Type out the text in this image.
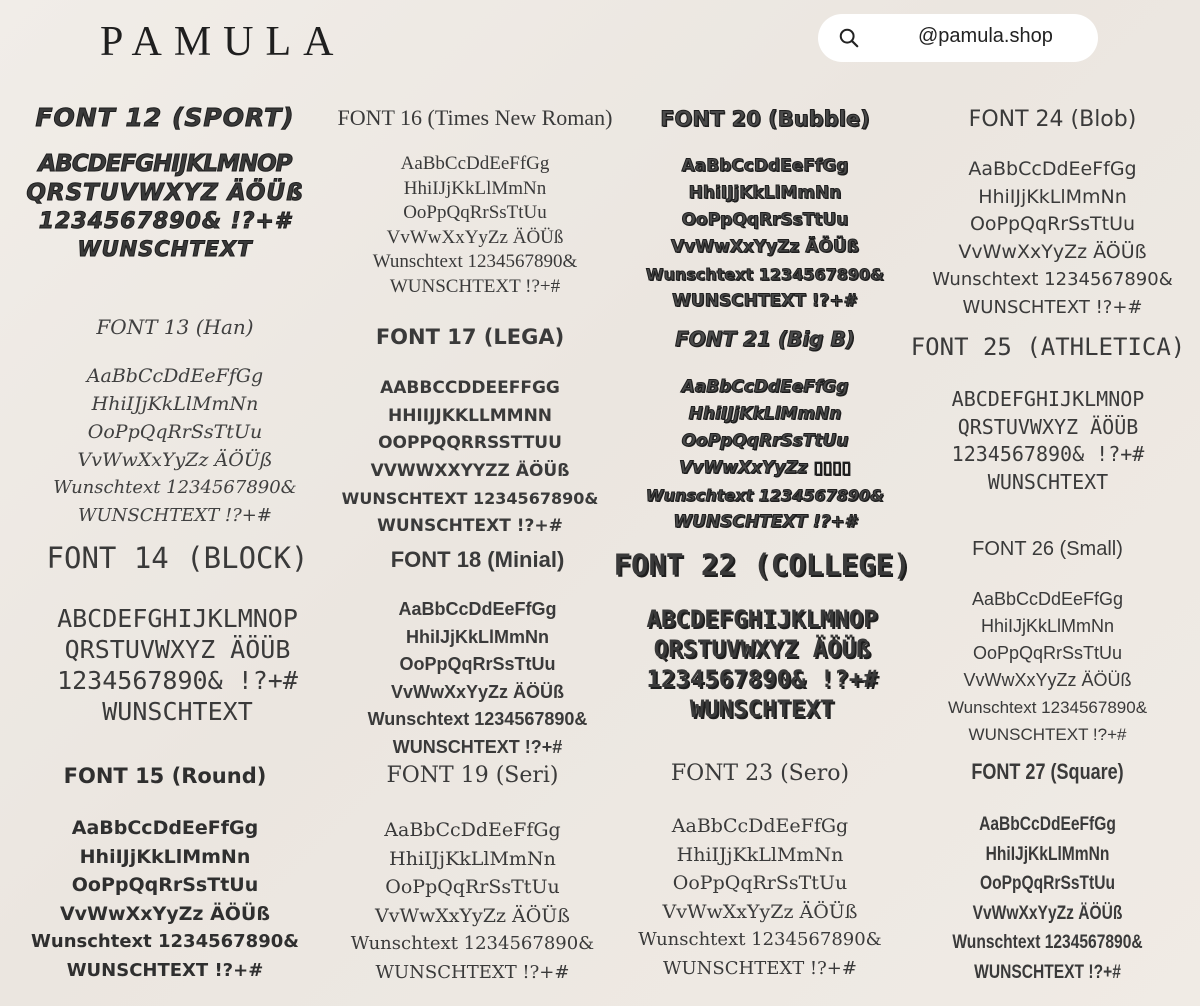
PAMULA	@pamula.shop
FONT 12 (SPORT)
ABCDEFGHIJKLMNOP
QRSTUVWXYZ ÄÖÜß
1234567890& !?+#
WUNSCHTEXT
FONT 13 (Han)
AaBbCcDdEeFfGg
HhiIJjKkLlMmNn
OoPpQqRrSsTtUu
VvWwXxYyZz ÄÖÜß
Wunschtext 1234567890&
WUNSCHTEXT !?+#
FONT 14 (BLOCK)
ABCDEFGHIJKLMNOP
QRSTUVWXYZ ÄÖÜB
1234567890& !?+#
WUNSCHTEXT
FONT 15 (Round)
AaBbCcDdEeFfGg
HhiIJjKkLlMmNn
OoPpQqRrSsTtUu
VvWwXxYyZz ÄÖÜß
Wunschtext 1234567890&
WUNSCHTEXT !?+#
FONT 16 (Times New Roman)
AaBbCcDdEeFfGg
HhiIJjKkLlMmNn
OoPpQqRrSsTtUu
VvWwXxYyZz ÄÖÜß
Wunschtext 1234567890&
WUNSCHTEXT !?+#
FONT 17 (LEGA)
AABBCCDDEEFFGG
HHIIJJKKLLMMNN
OOPPQQRRSSTTUU
VVWWXXYYZZ ÄÖÜß
WUNSCHTEXT 1234567890&
WUNSCHTEXT !?+#
FONT 18 (Minial)
AaBbCcDdEeFfGg
HhiIJjKkLlMmNn
OoPpQqRrSsTtUu
VvWwXxYyZz ÄÖÜß
Wunschtext 1234567890&
WUNSCHTEXT !?+#
FONT 19 (Seri)
AaBbCcDdEeFfGg
HhiIJjKkLlMmNn
OoPpQqRrSsTtUu
VvWwXxYyZz ÄÖÜß
Wunschtext 1234567890&
WUNSCHTEXT !?+#
FONT 20 (Bubble)
AaBbCcDdEeFfGg
HhiIJjKkLlMmNn
OoPpQqRrSsTtUu
VvWwXxYyZz ÄÖÜß
Wunschtext 1234567890&
WUNSCHTEXT !?+#
FONT 21 (Big B)
AaBbCcDdEeFfGg
HhiIJjKkLlMmNn
OoPpQqRrSsTtUu
VvWwXxYyZz ▯▯▯▯
Wunschtext 1234567890&
WUNSCHTEXT !?+#
FONT 22 (COLLEGE)
ABCDEFGHIJKLMNOP
QRSTUVWXYZ ÄÖÜß
1234567890& !?+#
WUNSCHTEXT
FONT 23 (Sero)
AaBbCcDdEeFfGg
HhiIJjKkLlMmNn
OoPpQqRrSsTtUu
VvWwXxYyZz ÄÖÜß
Wunschtext 1234567890&
WUNSCHTEXT !?+#
FONT 24 (Blob)
AaBbCcDdEeFfGg
HhiIJjKkLlMmNn
OoPpQqRrSsTtUu
VvWwXxYyZz ÄÖÜß
Wunschtext 1234567890&
WUNSCHTEXT !?+#
FONT 25 (ATHLETICA)
ABCDEFGHIJKLMNOP
QRSTUVWXYZ ÄÖÜB
1234567890& !?+#
WUNSCHTEXT
FONT 26 (Small)
AaBbCcDdEeFfGg
HhiIJjKkLlMmNn
OoPpQqRrSsTtUu
VvWwXxYyZz ÄÖÜß
Wunschtext 1234567890&
WUNSCHTEXT !?+#
FONT 27 (Square)
AaBbCcDdEeFfGg
HhiIJjKkLlMmNn
OoPpQqRrSsTtUu
VvWwXxYyZz ÄÖÜß
Wunschtext 1234567890&
WUNSCHTEXT !?+#
